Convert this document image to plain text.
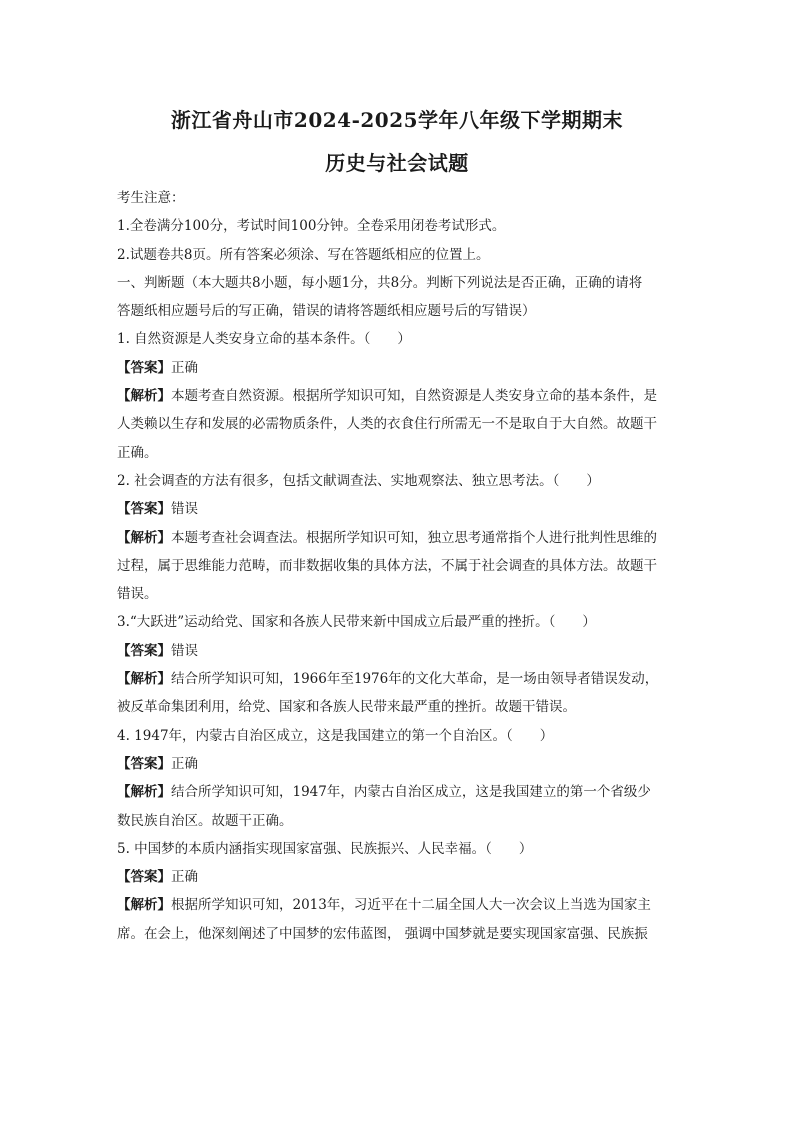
浙江省舟山市2024-2025学年八年级下学期期末
历史与社会试题
考生注意：
1.全卷满分100分，考试时间100分钟。全卷采用闭卷考试形式。
2.试题卷共8页。所有答案必须涂、写在答题纸相应的位置上。
一、判断题（本大题共8小题，每小题1分，共8分。判断下列说法是否正确，正确的请将
答题纸相应题号后的写正确，错误的请将答题纸相应题号后的写错误）
1. 自然资源是人类安身立命的基本条件。（　　）
【答案】正确
【解析】本题考查自然资源。根据所学知识可知，自然资源是人类安身立命的基本条件，是
人类赖以生存和发展的必需物质条件，人类的衣食住行所需无一不是取自于大自然。故题干
正确。
2. 社会调查的方法有很多，包括文献调查法、实地观察法、独立思考法。（　　）
【答案】错误
【解析】本题考查社会调查法。根据所学知识可知，独立思考通常指个人进行批判性思维的
过程，属于思维能力范畴，而非数据收集的具体方法，不属于社会调查的具体方法。故题干
错误。
3.“大跃进”运动给党、国家和各族人民带来新中国成立后最严重的挫折。（　　）
【答案】错误
【解析】结合所学知识可知，1966年至1976年的文化大革命，是一场由领导者错误发动，
被反革命集团利用，给党、国家和各族人民带来最严重的挫折。故题干错误。
4. 1947年，内蒙古自治区成立，这是我国建立的第一个自治区。（　　）
【答案】正确
【解析】结合所学知识可知，1947年，内蒙古自治区成立，这是我国建立的第一个省级少
数民族自治区。故题干正确。
5. 中国梦的本质内涵指实现国家富强、民族振兴、人民幸福。（　　）
【答案】正确
【解析】根据所学知识可知，2013年，习近平在十二届全国人大一次会议上当选为国家主
席。在会上，他深刻阐述了中国梦的宏伟蓝图， 强调中国梦就是要实现国家富强、民族振
